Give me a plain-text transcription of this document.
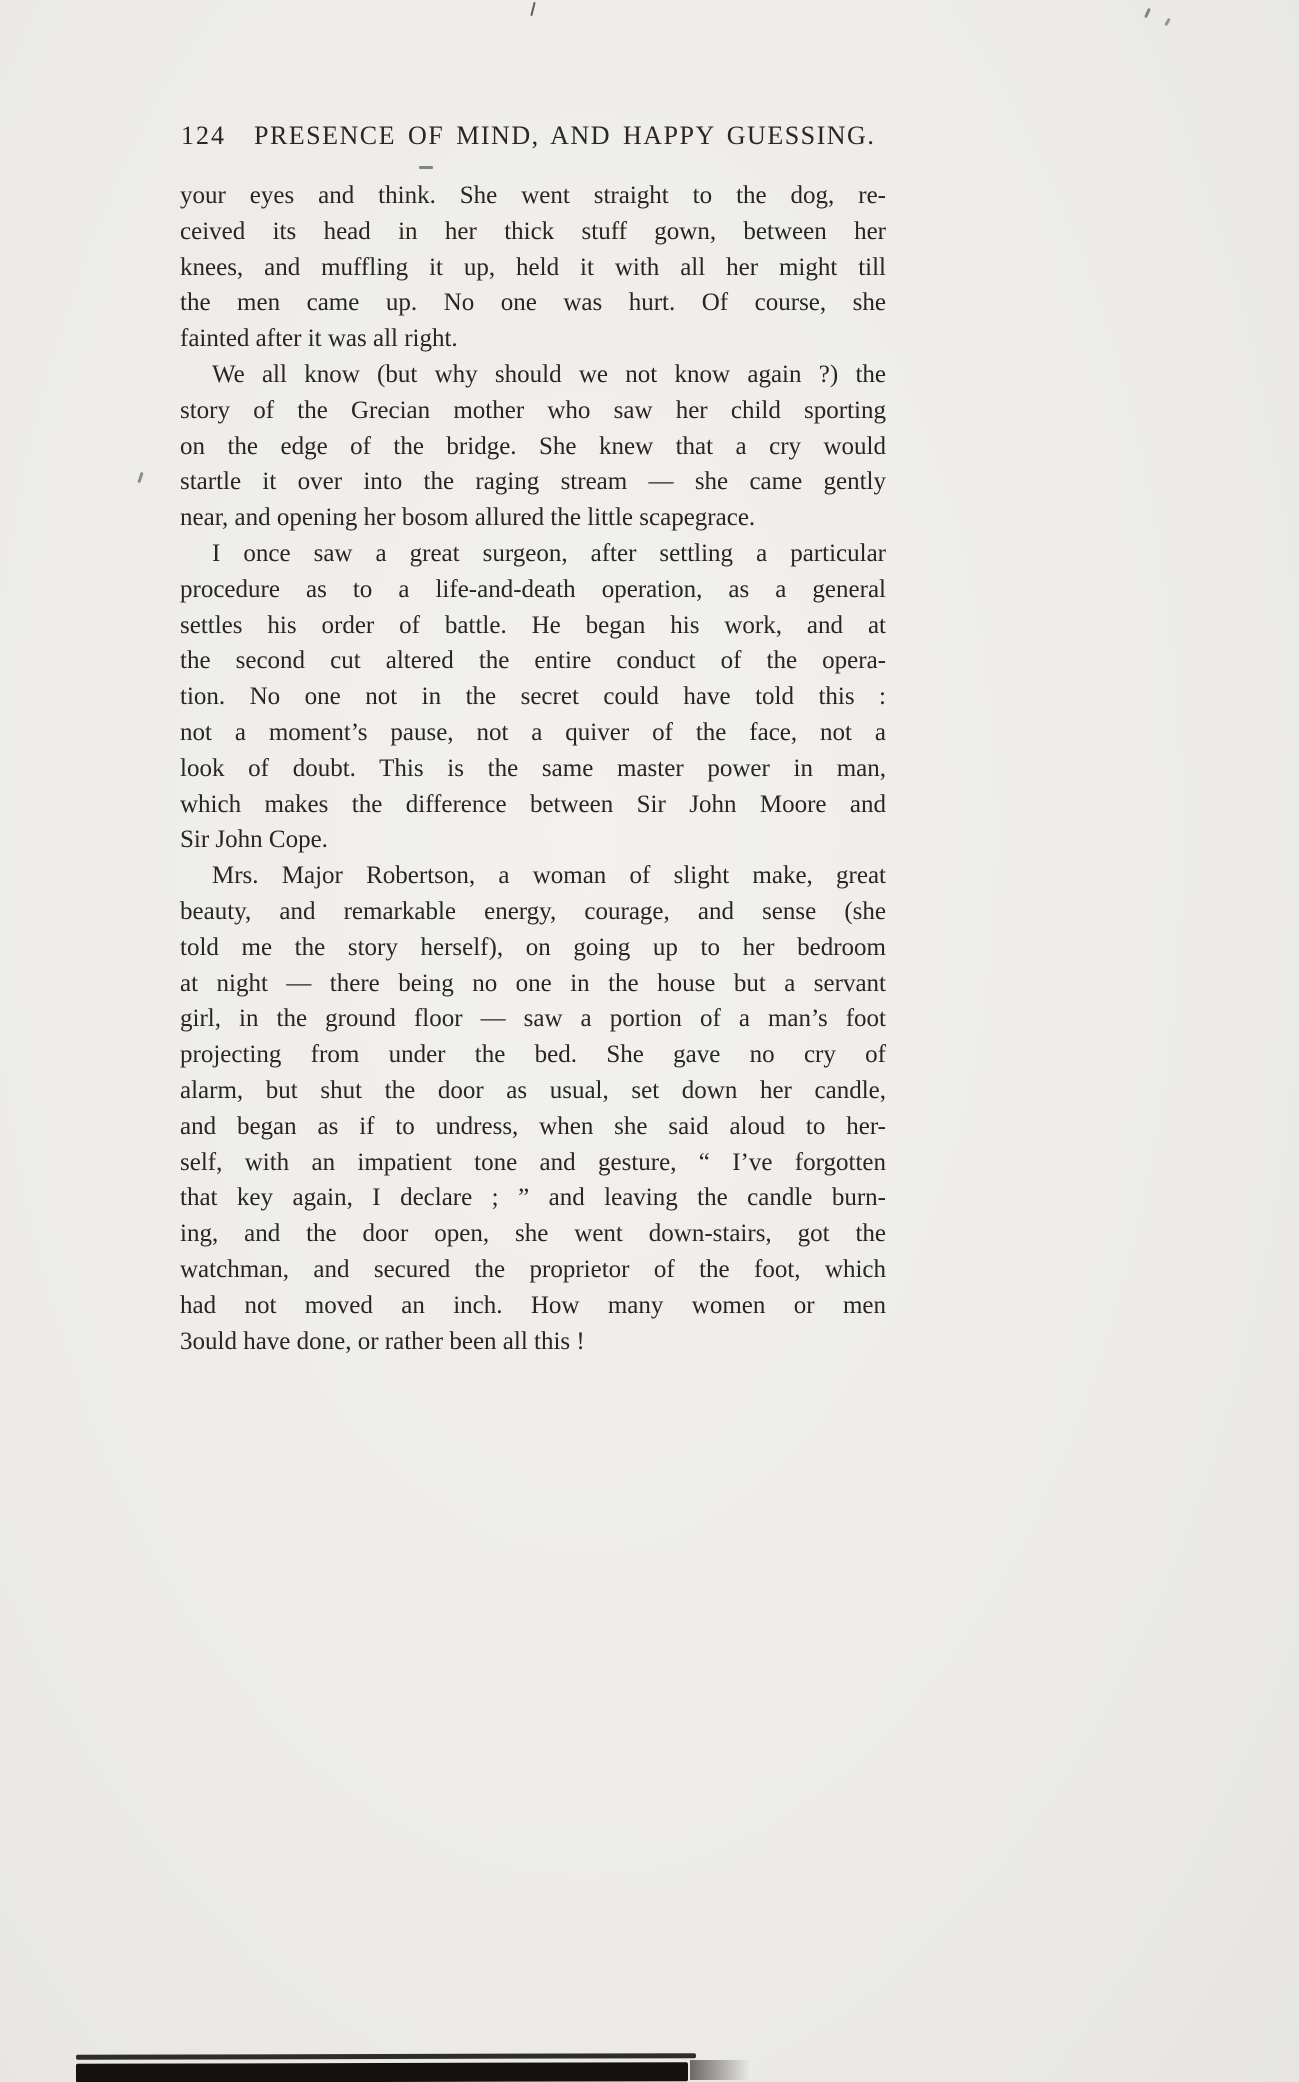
124 PRESENCE OF MIND, AND HAPPY GUESSING.
your eyes and think. She went straight to the dog, re-
ceived its head in her thick stuff gown, between her
knees, and muffling it up, held it with all her might till
the men came up. No one was hurt. Of course, she
fainted after it was all right.
We all know (but why should we not know again ?) the
story of the Grecian mother who saw her child sporting
on the edge of the bridge. She knew that a cry would
startle it over into the raging stream — she came gently
near, and opening her bosom allured the little scapegrace.
I once saw a great surgeon, after settling a particular
procedure as to a life-and-death operation, as a general
settles his order of battle. He began his work, and at
the second cut altered the entire conduct of the opera-
tion. No one not in the secret could have told this :
not a moment’s pause, not a quiver of the face, not a
look of doubt. This is the same master power in man,
which makes the difference between Sir John Moore and
Sir John Cope.
Mrs. Major Robertson, a woman of slight make, great
beauty, and remarkable energy, courage, and sense (she
told me the story herself), on going up to her bedroom
at night — there being no one in the house but a servant
girl, in the ground floor — saw a portion of a man’s foot
projecting from under the bed. She gave no cry of
alarm, but shut the door as usual, set down her candle,
and began as if to undress, when she said aloud to her-
self, with an impatient tone and gesture, “ I’ve forgotten
that key again, I declare ; ” and leaving the candle burn-
ing, and the door open, she went down-stairs, got the
watchman, and secured the proprietor of the foot, which
had not moved an inch. How many women or men
3ould have done, or rather been all this !
